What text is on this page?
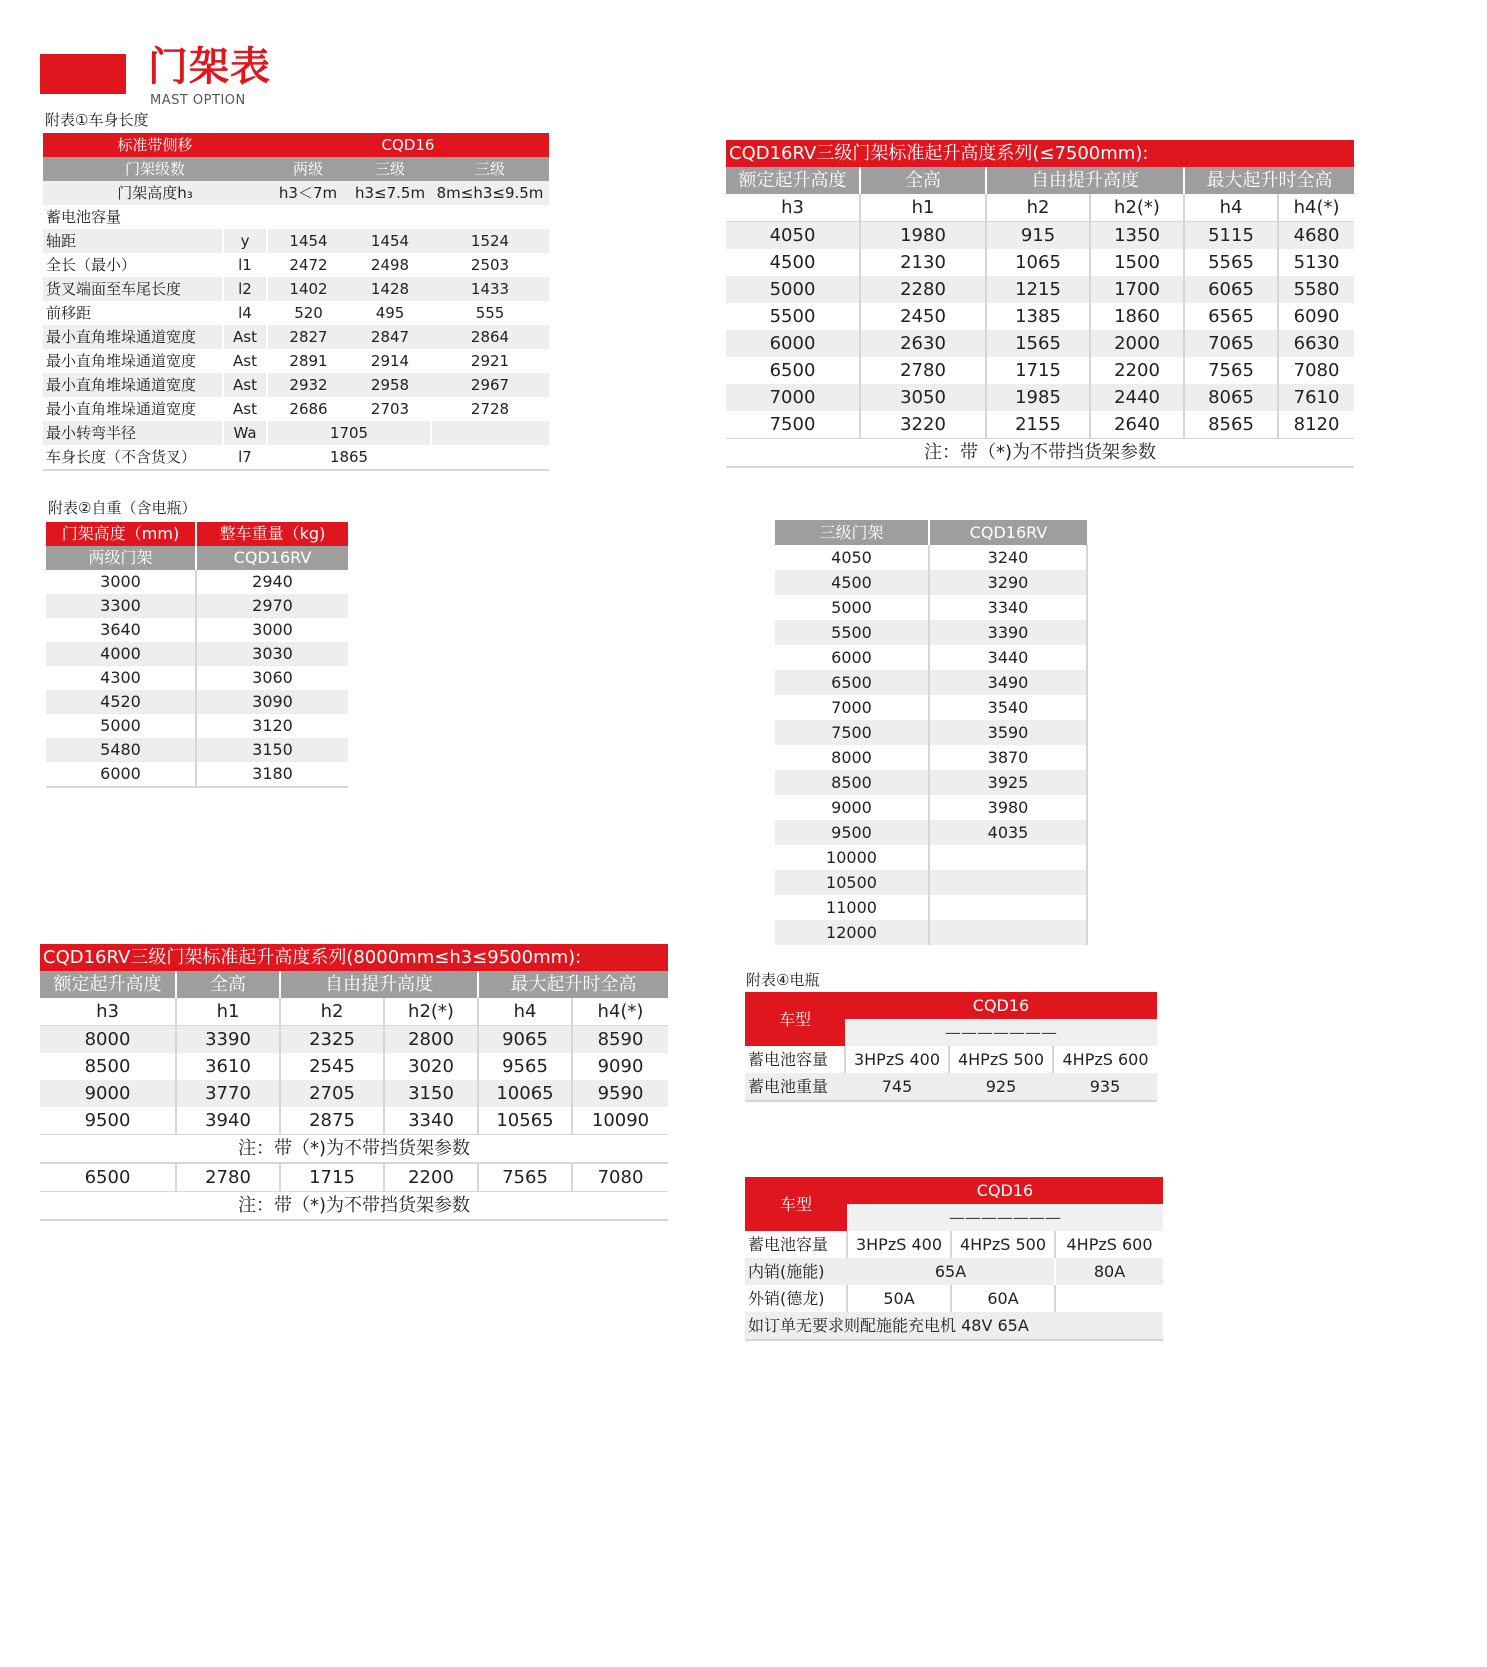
门架表
MAST OPTION
附表①车身长度
标准带侧移		CQD16		
门架级数		两级	三级	三级
门架高度h₃		h3＜7m	h3≤7.5m	8m≤h3≤9.5m
蓄电池容量				
轴距	y	1454	1454	1524
全长（最小）	l1	2472	2498	2503
货叉端面至车尾长度	l2	1402	1428	1433
前移距	l4	520	495	555
最小直角堆垛通道宽度	Ast	2827	2847	2864
最小直角堆垛通道宽度	Ast	2891	2914	2921
最小直角堆垛通道宽度	Ast	2932	2958	2967
最小直角堆垛通道宽度	Ast	2686	2703	2728
最小转弯半径	Wa	1705		
车身长度（不含货叉）	l7	1865		
CQD16RV三级门架标准起升高度系列(≤7500mm):					
额定起升高度	全高	自由提升高度		最大起升时全高	
h3	h1	h2	h2(*)	h4	h4(*)
4050	1980	915	1350	5115	4680
4500	2130	1065	1500	5565	5130
5000	2280	1215	1700	6065	5580
5500	2450	1385	1860	6565	6090
6000	2630	1565	2000	7065	6630
6500	2780	1715	2200	7565	7080
7000	3050	1985	2440	8065	7610
7500	3220	2155	2640	8565	8120
注：带（*)为不带挡货架参数					
附表②自重（含电瓶）
门架高度（mm)	整车重量（kg)
两级门架	CQD16RV
3000	2940
3300	2970
3640	3000
4000	3030
4300	3060
4520	3090
5000	3120
5480	3150
6000	3180
三级门架	CQD16RV
4050	3240
4500	3290
5000	3340
5500	3390
6000	3440
6500	3490
7000	3540
7500	3590
8000	3870
8500	3925
9000	3980
9500	4035
10000	
10500	
11000	
12000	
CQD16RV三级门架标准起升高度系列(8000mm≤h3≤9500mm):					
额定起升高度	全高	自由提升高度		最大起升时全高	
h3	h1	h2	h2(*)	h4	h4(*)
8000	3390	2325	2800	9065	8590
8500	3610	2545	3020	9565	9090
9000	3770	2705	3150	10065	9590
9500	3940	2875	3340	10565	10090
注：带（*)为不带挡货架参数					
6500	2780	1715	2200	7565	7080
注：带（*)为不带挡货架参数					
附表④电瓶
车型	CQD16		
	———————		
蓄电池容量	3HPzS 400	4HPzS 500	4HPzS 600
蓄电池重量	745	925	935
车型	CQD16		
	———————		
蓄电池容量	3HPzS 400	4HPzS 500	4HPzS 600
内销(施能)	65A		80A
外销(德龙)	50A	60A	
如订单无要求则配施能充电机 48V 65A			
